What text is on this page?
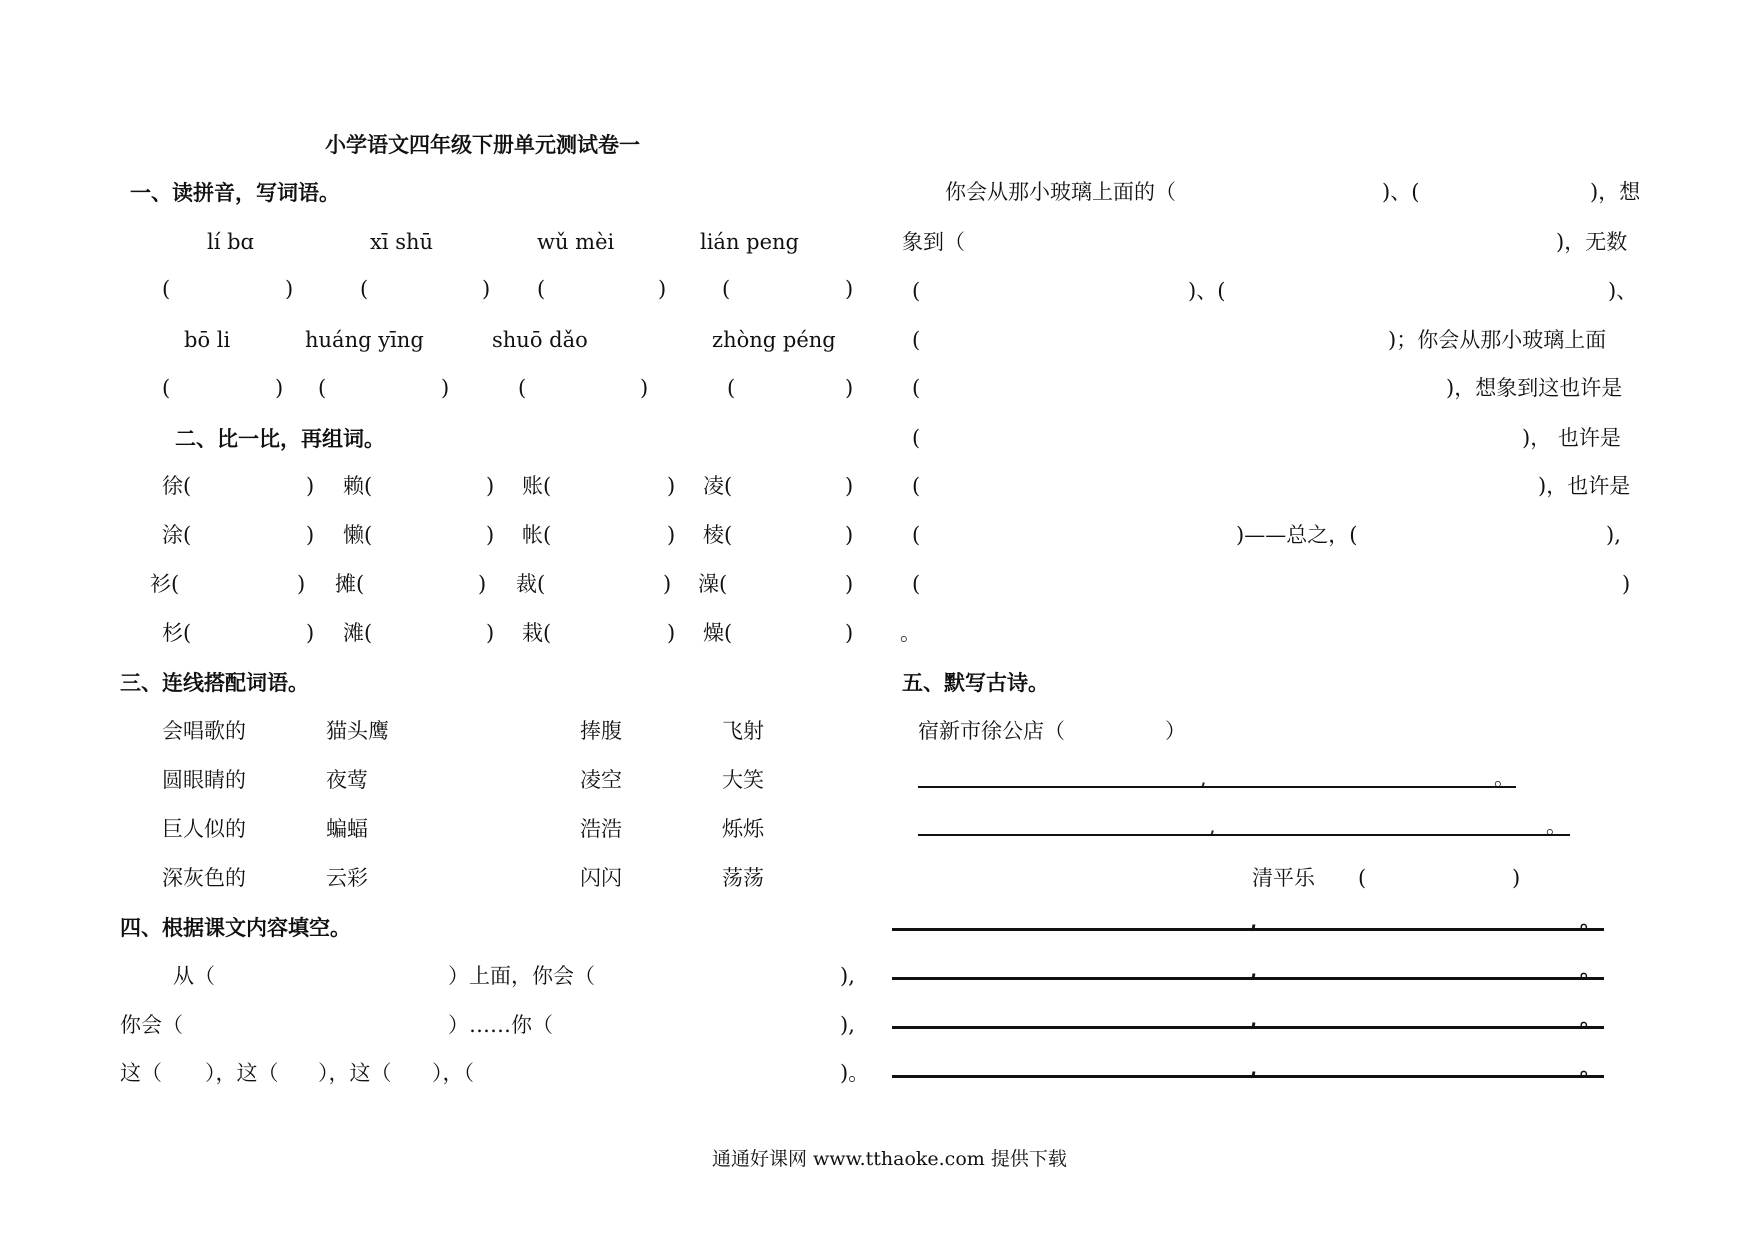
小学语文四年级下册单元测试卷一
一、读拼音，写词语。
lí bɑ	xī shū	wǔ mèi	lián peng
(	)	(	) (	)	(	)
bō li	huáng yīng	shuō dǎo	zhòng péng
(	) (	)	(	)	(	)
二、比一比，再组词。
徐(	) 赖(	) 账(	) 凌(	)
涂(	) 懒(	) 帐(	) 棱(	)
衫(	) 摊(	) 裁(	) 澡(	)
杉(	) 滩(	) 栽(	) 燥(	)
三、连线搭配词语。
会唱歌的	猫头鹰	捧腹	飞射
圆眼睛的	夜莺	凌空	大笑
巨人似的	蝙蝠	浩浩	烁烁
深灰色的	云彩	闪闪	荡荡
四、根据课文内容填空。
从（	）上面，你会（	),
你会（	）……你（	),
这（ ），这（ ），这（ ），（	)。
你会从那小玻璃上面的（	)、(	)，想
象到（	)，无数
(	)、(	)、
(	)；你会从那小玻璃上面
(	)，想象到这也许是
(	)， 也许是
(	)，也许是
(	)——总之，(	),
(	)
。
五、默写古诗。
宿新市徐公店（	）
,	。
,	。
清平乐 (	)
,	。
,	。
,	。
,	。
通通好课网 www.tthaoke.com 提供下载
